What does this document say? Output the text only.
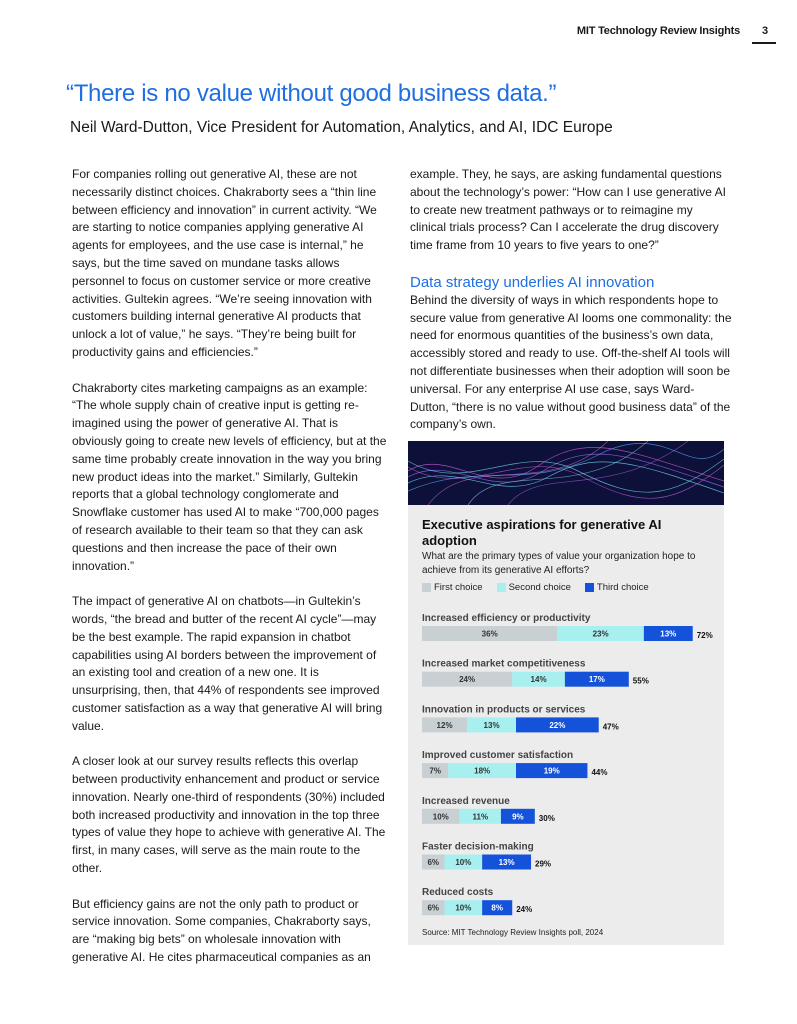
MIT Technology Review Insights 3
“There is no value without good business data.”
Neil Ward-Dutton, Vice President for Automation, Analytics, and AI, IDC Europe

For companies rolling out generative AI, these are not necessarily distinct choices. Chakraborty sees a “thin line between efficiency and innovation” in current activity. “We are starting to notice companies applying generative AI agents for employees, and the use case is internal,” he says, but the time saved on mundane tasks allows personnel to focus on customer service or more creative activities. Gultekin agrees. “We’re seeing innovation with customers building internal generative AI products that unlock a lot of value,” he says. “They’re being built for productivity gains and efficiencies.”

Chakraborty cites marketing campaigns as an example: “The whole supply chain of creative input is getting re-imagined using the power of generative AI. That is obviously going to create new levels of efficiency, but at the same time probably create innovation in the way you bring new product ideas into the market.” Similarly, Gultekin reports that a global technology conglomerate and Snowflake customer has used AI to make “700,000 pages of research available to their team so that they can ask questions and then increase the pace of their own innovation.”

The impact of generative AI on chatbots—in Gultekin’s words, “the bread and butter of the recent AI cycle”—may be the best example. The rapid expansion in chatbot capabilities using AI borders between the improvement of an existing tool and creation of a new one. It is unsurprising, then, that 44% of respondents see improved customer satisfaction as a way that generative AI will bring value.

A closer look at our survey results reflects this overlap between productivity enhancement and product or service innovation. Nearly one-third of respondents (30%) included both increased productivity and innovation in the top three types of value they hope to achieve with generative AI. The first, in many cases, will serve as the main route to the other.

But efficiency gains are not the only path to product or service innovation. Some companies, Chakraborty says, are “making big bets” on wholesale innovation with generative AI. He cites pharmaceutical companies as an

example. They, he says, are asking fundamental questions about the technology’s power: “How can I use generative AI to create new treatment pathways or to reimagine my clinical trials process? Can I accelerate the drug discovery time frame from 10 years to five years to one?”

Data strategy underlies AI innovation

Behind the diversity of ways in which respondents hope to secure value from generative AI looms one commonality: the need for enormous quantities of the business’s own data, accessibly stored and ready to use. Off-the-shelf AI tools will not differentiate businesses when their adoption will soon be universal. For any enterprise AI use case, says Ward-Dutton, “there is no value without good business data” of the company’s own.

Executive aspirations for generative AI adoption
What are the primary types of value your organization hope to achieve from its generative AI efforts?
First choice	Second choice	Third choice
Increased efficiency or productivity
36%	23%	13%	72%
Increased market competitiveness
24%	14%	17%	55%
Innovation in products or services
12%	13%	22%	47%
Improved customer satisfaction
7%	18%	19%	44%
Increased revenue
10%	11%	9% 30%
Faster decision-making
6% 10%	13%	29%
Reduced costs
6% 10%	8% 24%
Source: MIT Technology Review Insights poll, 2024
